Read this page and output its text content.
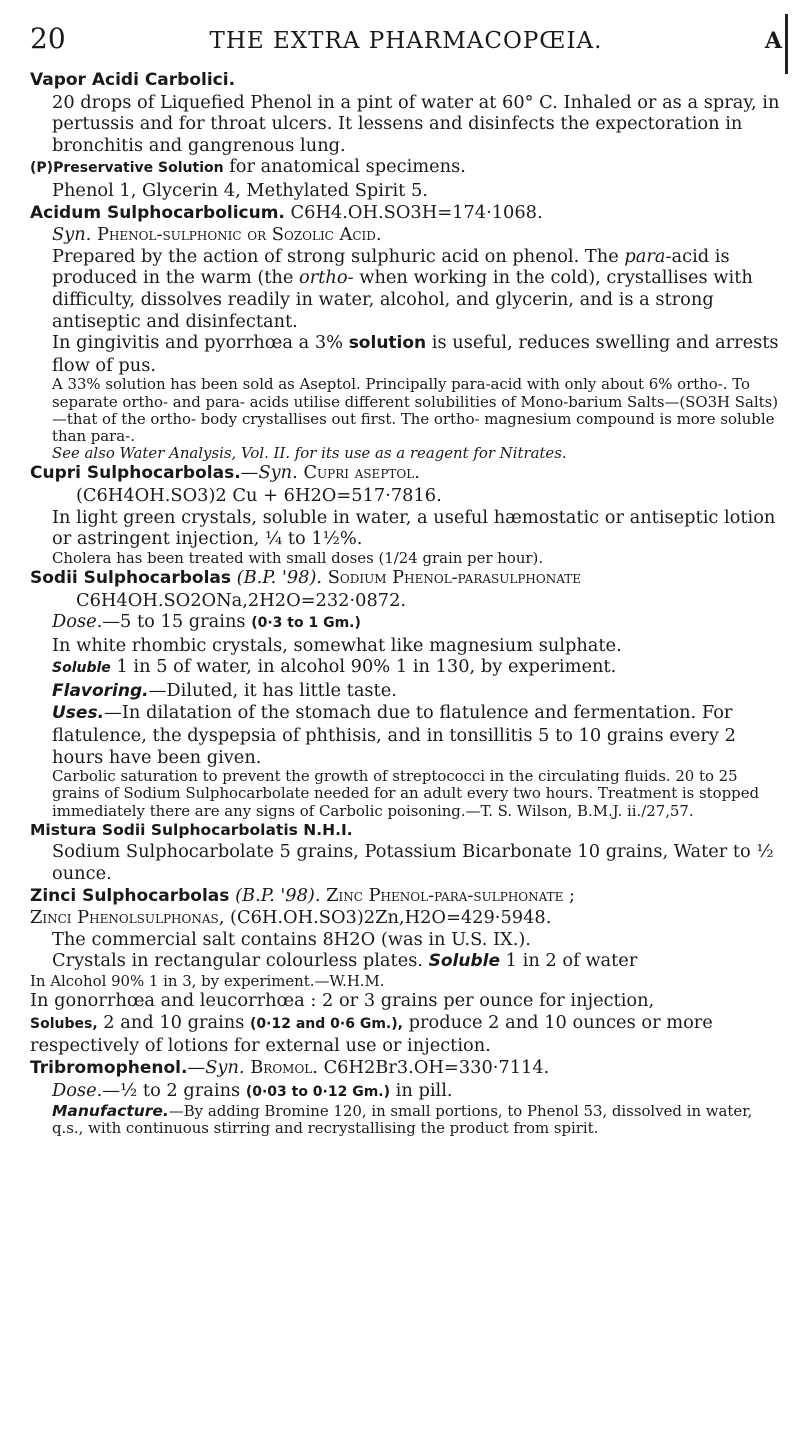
20	THE EXTRA PHARMACOPŒIA.	A

Vapor Acidi Carbolici.

20 drops of Liquefied Phenol in a pint of water at 60° C. Inhaled or as a spray, in pertussis and for throat ulcers. It lessens and disinfects the expectoration in bronchitis and gangrenous lung.

(P)Preservative Solution for anatomical specimens.

Phenol 1, Glycerin 4, Methylated Spirit 5.

Acidum Sulphocarbolicum. C6H4.OH.SO3H=174·1068.

Syn. Phenol-sulphonic or Sozolic Acid.

Prepared by the action of strong sulphuric acid on phenol. The para-acid is produced in the warm (the ortho- when working in the cold), crystallises with difficulty, dissolves readily in water, alcohol, and glycerin, and is a strong antiseptic and disinfectant.

In gingivitis and pyorrhœa a 3% solution is useful, reduces swelling and arrests flow of pus.

A 33% solution has been sold as Aseptol. Principally para-acid with only about 6% ortho-. To separate ortho- and para- acids utilise different solubilities of Mono-barium Salts—(SO3H Salts)—that of the ortho- body crystallises out first. The ortho- magnesium compound is more soluble than para-.

See also Water Analysis, Vol. II. for its use as a reagent for Nitrates.

Cupri Sulphocarbolas.—Syn. Cupri aseptol.

(C6H4OH.SO3)2 Cu + 6H2O=517·7816.

In light green crystals, soluble in water, a useful hæmostatic or antiseptic lotion or astringent injection, ¼ to 1½%.

Cholera has been treated with small doses (1/24 grain per hour).

Sodii Sulphocarbolas (B.P. '98). Sodium Phenol-parasulphonate

C6H4OH.SO2ONa,2H2O=232·0872.

Dose.—5 to 15 grains (0·3 to 1 Gm.)

In white rhombic crystals, somewhat like magnesium sulphate.

Soluble 1 in 5 of water, in alcohol 90% 1 in 130, by experiment.

Flavoring.—Diluted, it has little taste.

Uses.—In dilatation of the stomach due to flatulence and fermentation. For flatulence, the dyspepsia of phthisis, and in tonsillitis 5 to 10 grains every 2 hours have been given.

Carbolic saturation to prevent the growth of streptococci in the circulating fluids. 20 to 25 grains of Sodium Sulphocarbolate needed for an adult every two hours. Treatment is stopped immediately there are any signs of Carbolic poisoning.—T. S. Wilson, B.M.J. ii./27,57.

Mistura Sodii Sulphocarbolatis N.H.I.

Sodium Sulphocarbolate 5 grains, Potassium Bicarbonate 10 grains, Water to ½ ounce.

Zinci Sulphocarbolas (B.P. '98). Zinc Phenol-para-sulphonate ;

Zinci Phenolsulphonas, (C6H.OH.SO3)2Zn,H2O=429·5948.

The commercial salt contains 8H2O (was in U.S. IX.).

Crystals in rectangular colourless plates. Soluble 1 in 2 of water

In Alcohol 90% 1 in 3, by experiment.—W.H.M.

In gonorrhœa and leucorrhœa : 2 or 3 grains per ounce for injection,

Solubes, 2 and 10 grains (0·12 and 0·6 Gm.), produce 2 and 10 ounces or more respectively of lotions for external use or injection.

Tribromophenol.—Syn. Bromol. C6H2Br3.OH=330·7114.

Dose.—½ to 2 grains (0·03 to 0·12 Gm.) in pill.

Manufacture.—By adding Bromine 120, in small portions, to Phenol 53, dissolved in water, q.s., with continuous stirring and recrystallising the product from spirit.
